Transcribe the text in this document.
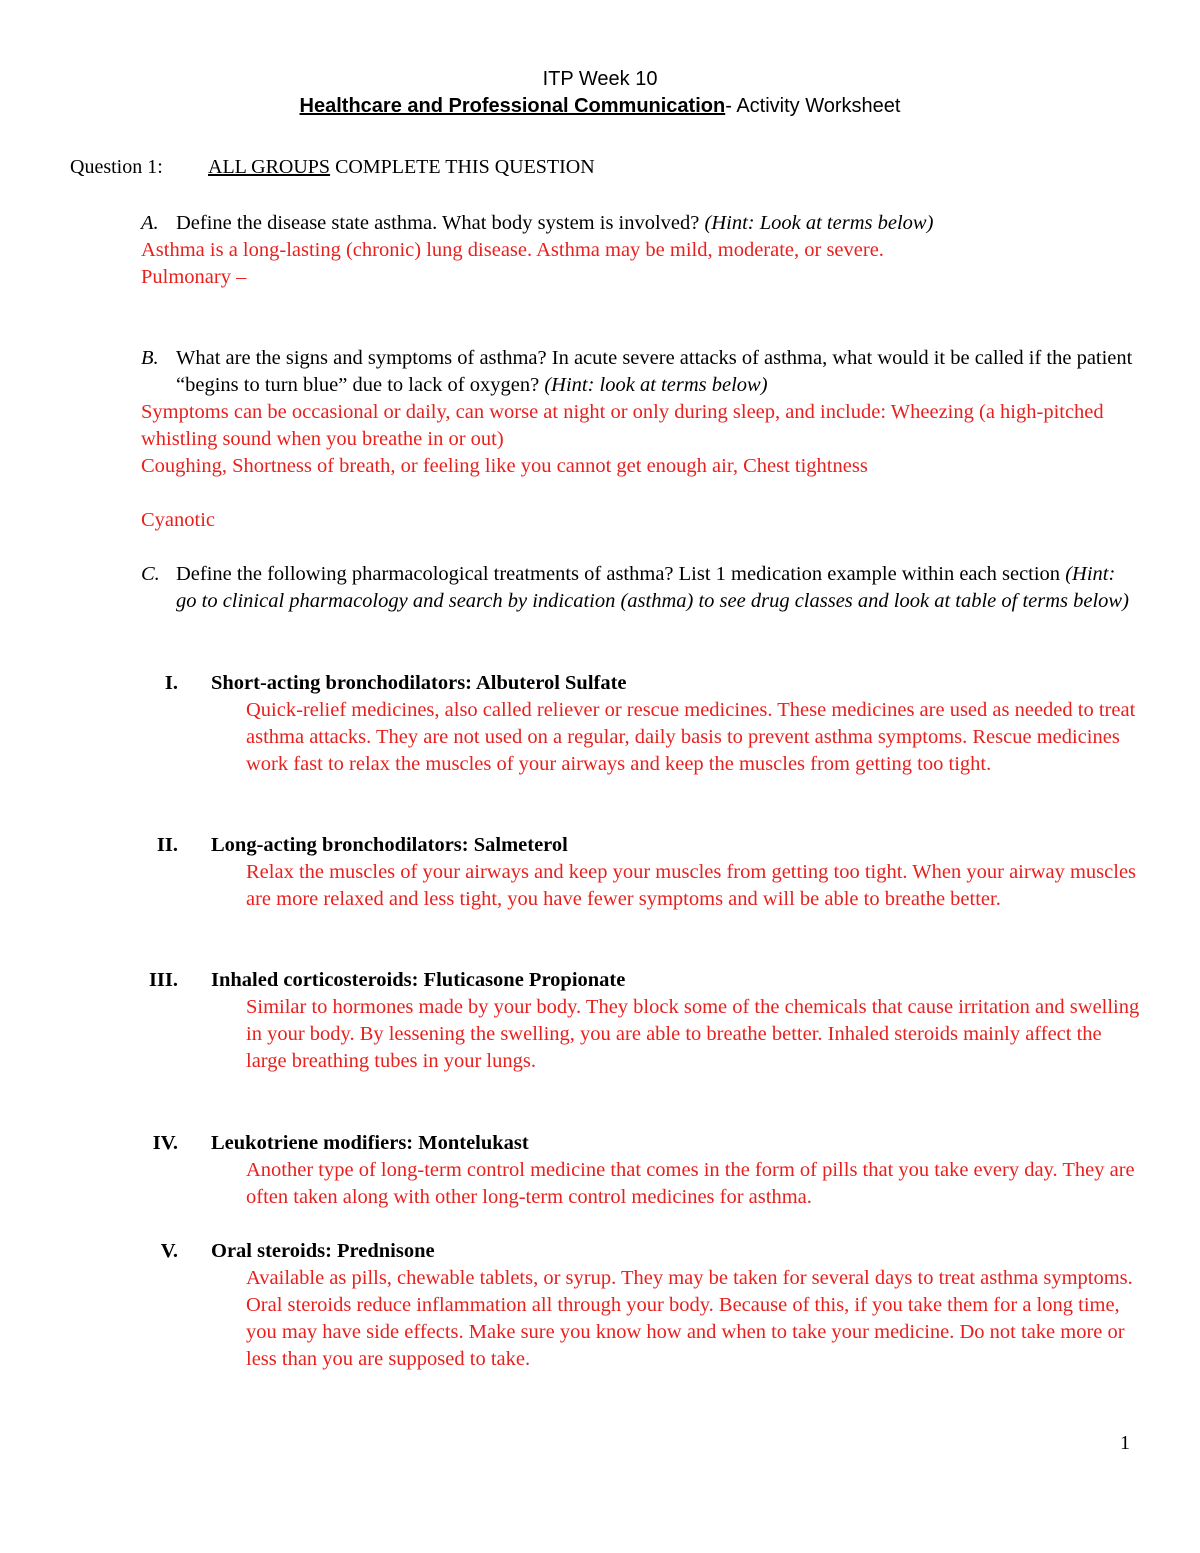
ITP Week 10
Healthcare and Professional Communication- Activity Worksheet
Question 1: ALL GROUPS COMPLETE THIS QUESTION
A. Define the disease state asthma. What body system is involved? (Hint: Look at terms below)
Asthma is a long-lasting (chronic) lung disease. Asthma may be mild, moderate, or severe.
Pulmonary –
B. What are the signs and symptoms of asthma? In acute severe attacks of asthma, what would it be called if the patient “begins to turn blue” due to lack of oxygen? (Hint: look at terms below)
Symptoms can be occasional or daily, can worse at night or only during sleep, and include: Wheezing (a high-pitched whistling sound when you breathe in or out)
Coughing, Shortness of breath, or feeling like you cannot get enough air, Chest tightness
Cyanotic
C. Define the following pharmacological treatments of asthma? List 1 medication example within each section (Hint: go to clinical pharmacology and search by indication (asthma) to see drug classes and look at table of terms below)
I. Short-acting bronchodilators: Albuterol Sulfate
Quick-relief medicines, also called reliever or rescue medicines. These medicines are used as needed to treat asthma attacks. They are not used on a regular, daily basis to prevent asthma symptoms. Rescue medicines work fast to relax the muscles of your airways and keep the muscles from getting too tight.
II. Long-acting bronchodilators: Salmeterol
Relax the muscles of your airways and keep your muscles from getting too tight. When your airway muscles are more relaxed and less tight, you have fewer symptoms and will be able to breathe better.
III. Inhaled corticosteroids: Fluticasone Propionate
Similar to hormones made by your body. They block some of the chemicals that cause irritation and swelling in your body. By lessening the swelling, you are able to breathe better. Inhaled steroids mainly affect the large breathing tubes in your lungs.
IV. Leukotriene modifiers: Montelukast
Another type of long-term control medicine that comes in the form of pills that you take every day. They are often taken along with other long-term control medicines for asthma.
V. Oral steroids: Prednisone
Available as pills, chewable tablets, or syrup. They may be taken for several days to treat asthma symptoms. Oral steroids reduce inflammation all through your body. Because of this, if you take them for a long time, you may have side effects. Make sure you know how and when to take your medicine. Do not take more or less than you are supposed to take.
1
